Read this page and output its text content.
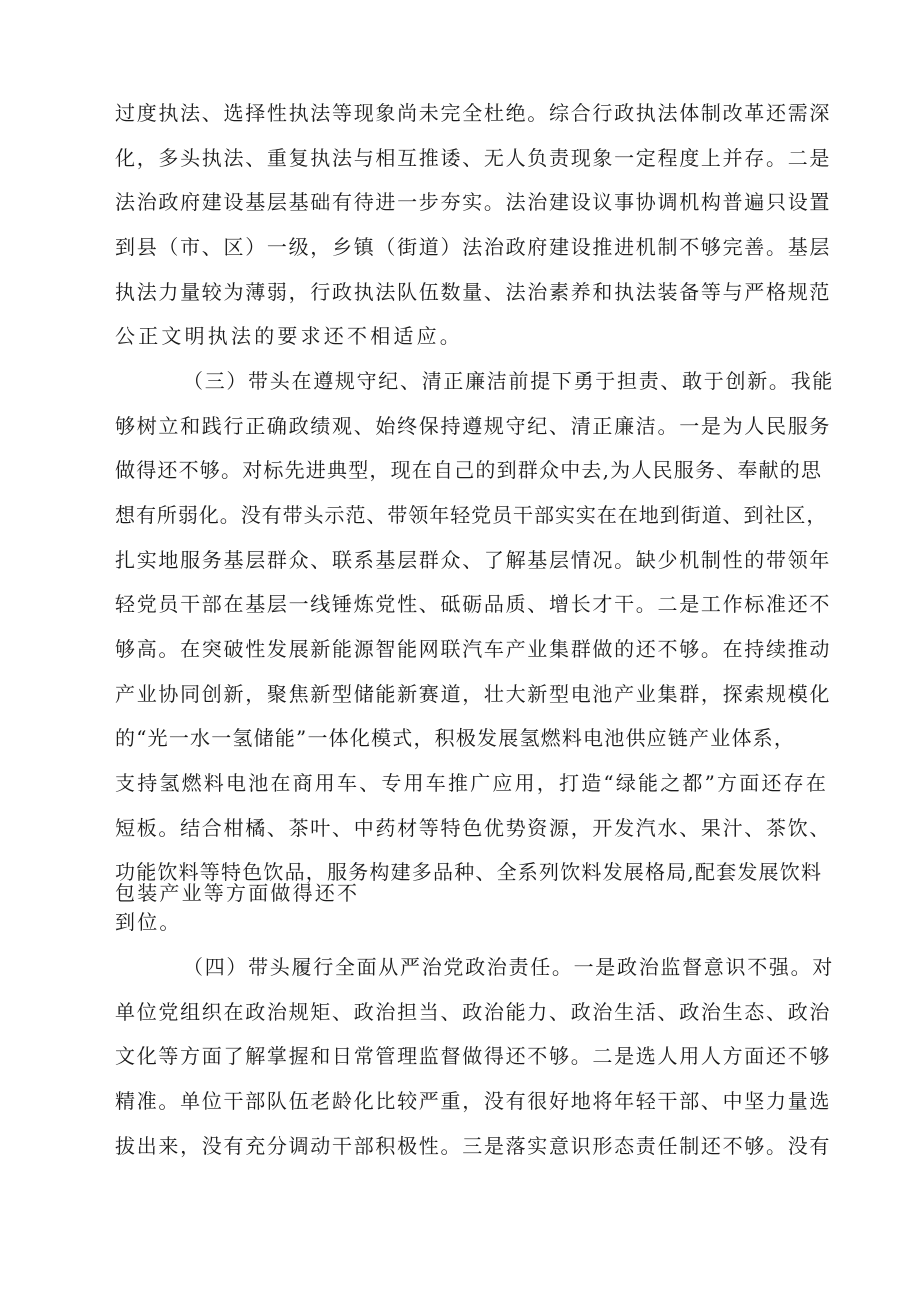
过度执法、选择性执法等现象尚未完全杜绝。综合行政执法体制改革还需深
化，多头执法、重复执法与相互推诿、无人负责现象一定程度上并存。二是
法治政府建设基层基础有待进一步夯实。法治建设议事协调机构普遍只设置
到县（市、区）一级，乡镇（街道）法治政府建设推进机制不够完善。基层
执法力量较为薄弱，行政执法队伍数量、法治素养和执法装备等与严格规范
公正文明执法的要求还不相适应。
（三）带头在遵规守纪、清正廉洁前提下勇于担责、敢于创新。我能
够树立和践行正确政绩观、始终保持遵规守纪、清正廉洁。一是为人民服务
做得还不够。对标先进典型，现在自己的到群众中去,为人民服务、奉献的思
想有所弱化。没有带头示范、带领年轻党员干部实实在在地到街道、到社区，
扎实地服务基层群众、联系基层群众、了解基层情况。缺少机制性的带领年
轻党员干部在基层一线锤炼党性、砥砺品质、增长才干。二是工作标准还不
够高。在突破性发展新能源智能网联汽车产业集群做的还不够。在持续推动
产业协同创新，聚焦新型储能新赛道，壮大新型电池产业集群，探索规模化
的“光一水一氢储能”一体化模式，积极发展氢燃料电池供应链产业体系，
支持氢燃料电池在商用车、专用车推广应用，打造“绿能之都”方面还存在
短板。结合柑橘、茶叶、中药材等特色优势资源，开发汽水、果汁、茶饮、
功能饮料等特色饮品，服务构建多品种、全系列饮料发展格局,配套发展饮料
包装产业等方面做得还不
到位。
（四）带头履行全面从严治党政治责任。一是政治监督意识不强。对
单位党组织在政治规矩、政治担当、政治能力、政治生活、政治生态、政治
文化等方面了解掌握和日常管理监督做得还不够。二是选人用人方面还不够
精准。单位干部队伍老龄化比较严重，没有很好地将年轻干部、中坚力量选
拔出来，没有充分调动干部积极性。三是落实意识形态责任制还不够。没有
